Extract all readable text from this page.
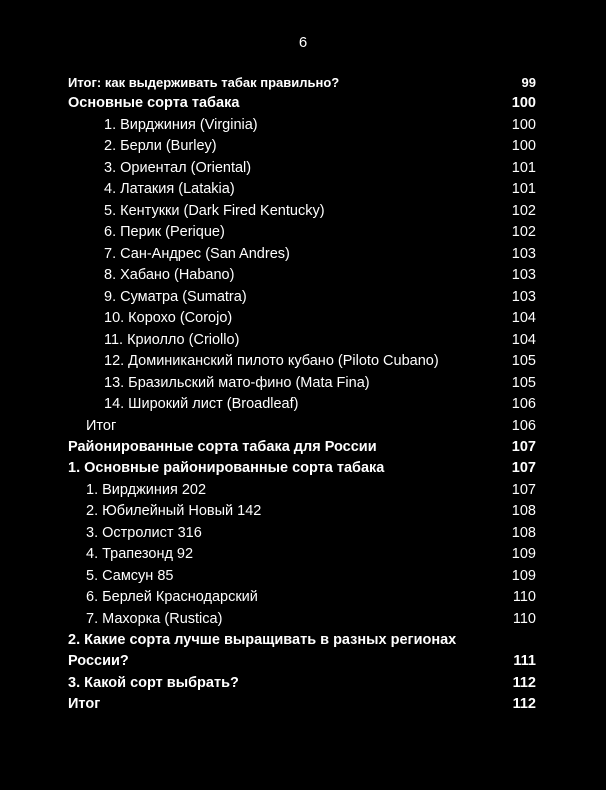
6
Итог: как выдерживать табак правильно?	99
Основные сорта табака	100
1. Вирджиния (Virginia)	100
2. Берли (Burley)	100
3. Ориентал (Oriental)	101
4. Латакия (Latakia)	101
5. Кентукки (Dark Fired Kentucky)	102
6. Перик (Perique)	102
7. Сан-Андрес (San Andres)	103
8. Хабано (Habano)	103
9. Суматра (Sumatra)	103
10. Корохо (Corojo)	104
11. Криолло (Criollo)	104
12. Доминиканский пилото кубано (Piloto Cubano)	105
13. Бразильский мато-фино (Mata Fina)	105
14. Широкий лист (Broadleaf)	106
Итог	106
Районированные сорта табака для России	107
1. Основные районированные сорта табака	107
1. Вирджиния 202	107
2. Юбилейный Новый 142	108
3. Остролист 316	108
4. Трапезонд 92	109
5. Самсун 85	109
6. Берлей Краснодарский	110
7. Махорка (Rustica)	110
2. Какие сорта лучше выращивать в разных регионах России?	111
3. Какой сорт выбрать?	112
Итог	112
